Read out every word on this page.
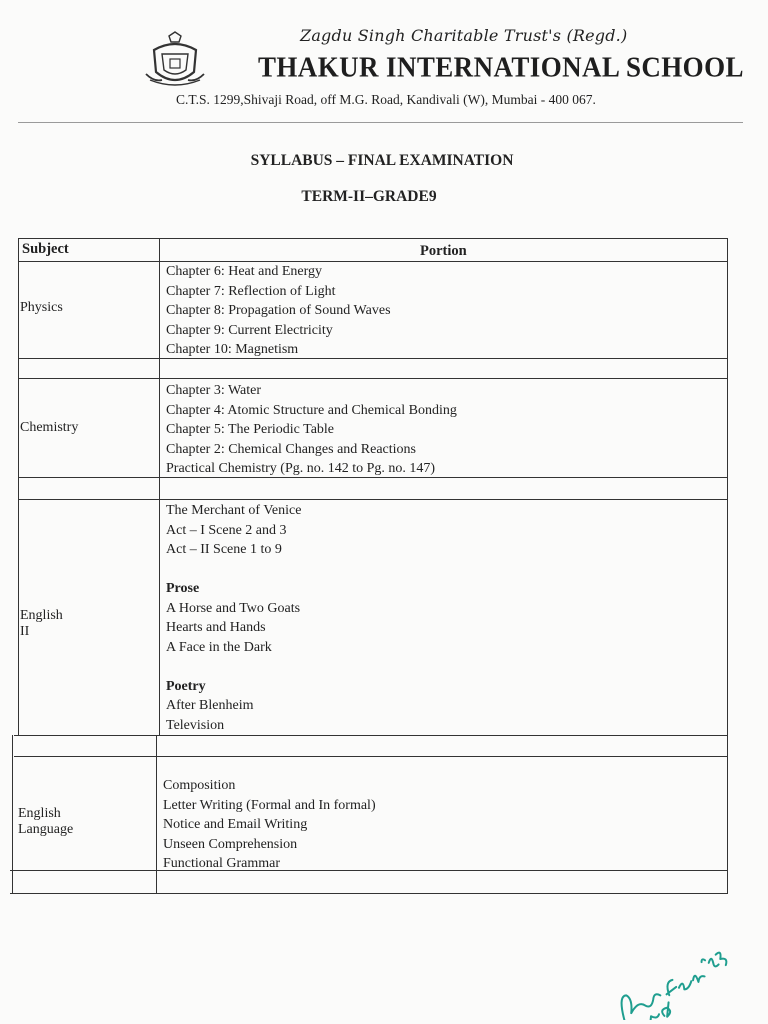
Zagdu Singh Charitable Trust's (Regd.)
THAKUR INTERNATIONAL SCHOOL
C.T.S. 1299,Shivaji Road, off M.G. Road, Kandivali (W), Mumbai - 400 067.
SYLLABUS – FINAL EXAMINATION
TERM-II–GRADE9
Subject	Portion
Physics
Chapter 6: Heat and Energy
Chapter 7: Reflection of Light
Chapter 8: Propagation of Sound Waves
Chapter 9: Current Electricity
Chapter 10: Magnetism
Chemistry
Chapter 3: Water
Chapter 4: Atomic Structure and Chemical Bonding
Chapter 5: The Periodic Table
Chapter 2: Chemical Changes and Reactions
Practical Chemistry (Pg. no. 142 to Pg. no. 147)
English II
The Merchant of Venice
Act – I Scene 2 and 3
Act – II Scene 1 to 9
Prose
A Horse and Two Goats
Hearts and Hands
A Face in the Dark
Poetry
After Blenheim
Television
English Language
Composition
Letter Writing (Formal and In formal)
Notice and Email Writing
Unseen Comprehension
Functional Grammar
